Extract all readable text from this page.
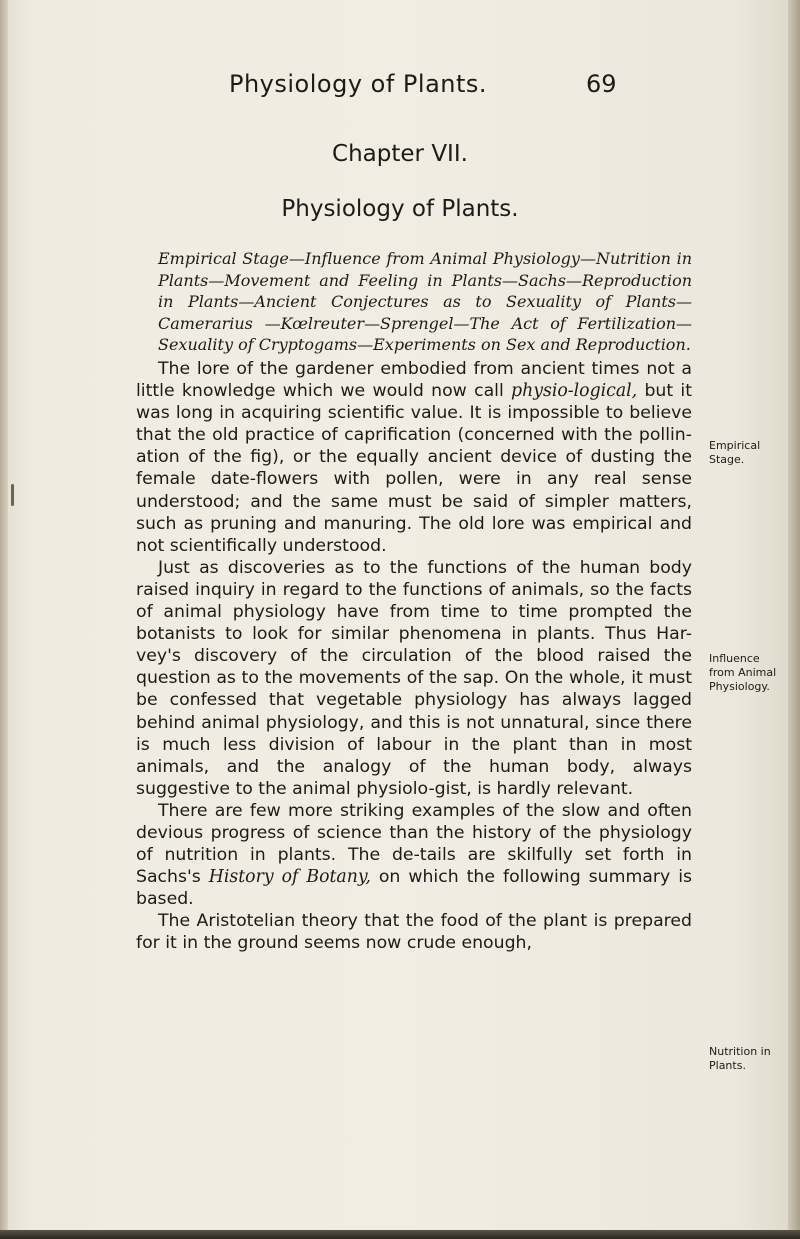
Physiology of Plants.	69
Chapter VII.
Physiology of Plants.
Empirical Stage—Influence from Animal Physiology—Nutrition in Plants—Movement and Feeling in Plants—Sachs—Reproduction in Plants—Ancient Conjectures as to Sexuality of Plants—Camerarius —Kœlreuter—Sprengel—The Act of Fertilization—Sexuality of Cryptogams—Experiments on Sex and Reproduction.

The lore of the gardener embodied from ancient times not a little knowledge which we would now call physio-logical, but it was long in acquiring scientific value. It is impossible to believe that the old practice of caprification (concerned with the pollin-ation of the fig), or the equally ancient device of dusting the female date-flowers with pollen, were in any real sense understood; and the same must be said of simpler matters, such as pruning and manuring. The old lore was empirical and not scientifically understood.

Just as discoveries as to the functions of the human body raised inquiry in regard to the functions of animals, so the facts of animal physiology have from time to time prompted the botanists to look for similar phenomena in plants. Thus Har-vey's discovery of the circulation of the blood raised the question as to the movements of the sap. On the whole, it must be confessed that vegetable physiology has always lagged behind animal physiology, and this is not unnatural, since there is much less division of labour in the plant than in most animals, and the analogy of the human body, always suggestive to the animal physiolo-gist, is hardly relevant.

There are few more striking examples of the slow and often devious progress of science than the history of the physiology of nutrition in plants. The de-tails are skilfully set forth in Sachs's History of Botany, on which the following summary is based.

The Aristotelian theory that the food of the plant is prepared for it in the ground seems now crude enough,

Empirical
Stage.
Influence
from Animal
Physiology.
Nutrition in
Plants.
